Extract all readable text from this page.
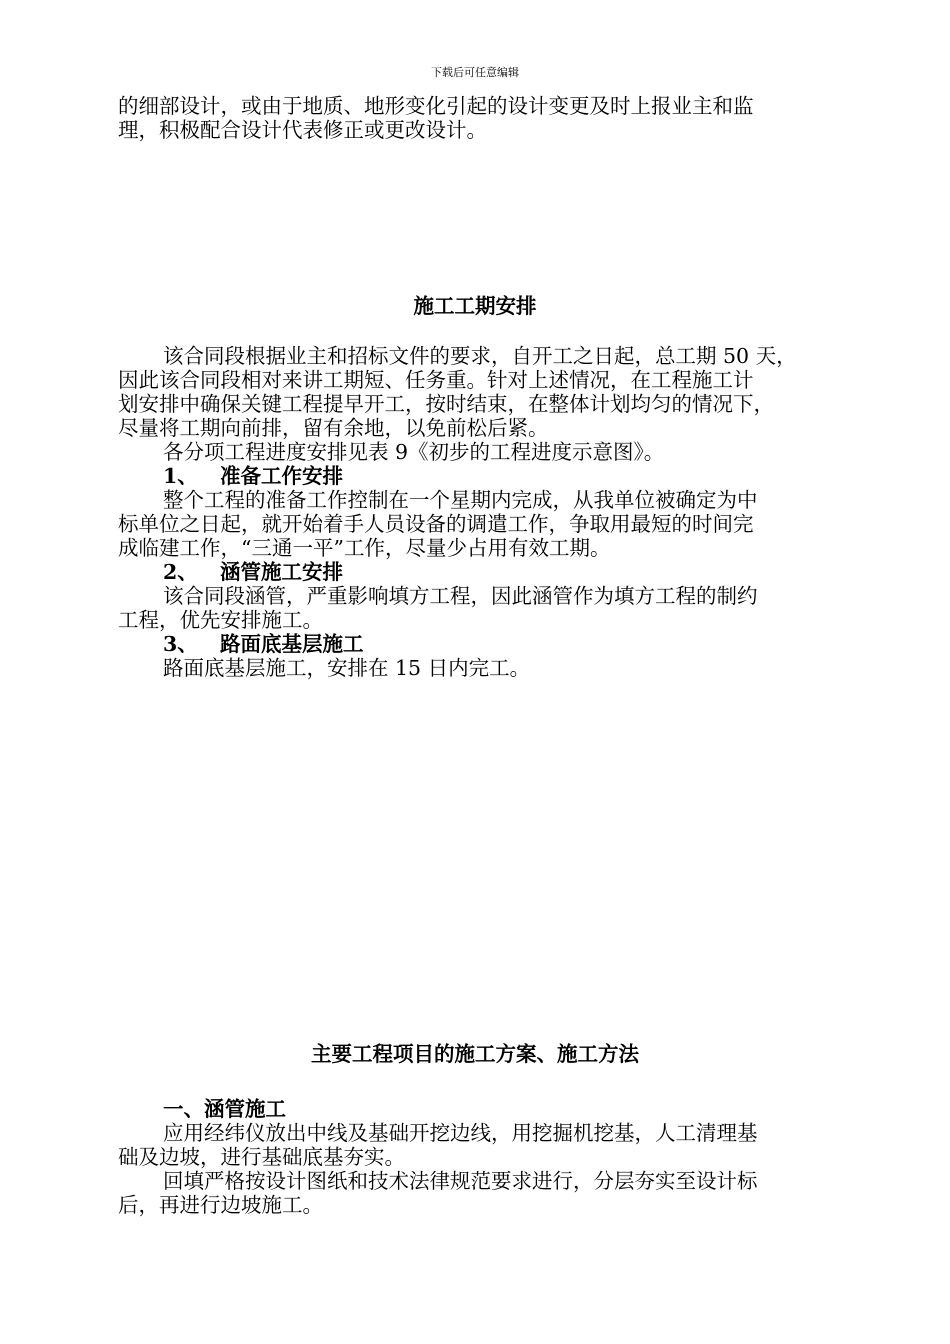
下载后可任意编辑
的细部设计，或由于地质、地形变化引起的设计变更及时上报业主和监
理，积极配合设计代表修正或更改设计。
施工工期安排
该合同段根据业主和招标文件的要求，自开工之日起，总工期 50 天，
因此该合同段相对来讲工期短、任务重。针对上述情况，在工程施工计
划安排中确保关键工程提早开工，按时结束，在整体计划均匀的情况下，
尽量将工期向前排，留有余地，以免前松后紧。
各分项工程进度安排见表 9《初步的工程进度示意图》。
1、 准备工作安排
整个工程的准备工作控制在一个星期内完成，从我单位被确定为中
标单位之日起，就开始着手人员设备的调遣工作，争取用最短的时间完
成临建工作，“三通一平”工作，尽量少占用有效工期。
2、 涵管施工安排
该合同段涵管，严重影响填方工程，因此涵管作为填方工程的制约
工程，优先安排施工。
3、 路面底基层施工
路面底基层施工，安排在 15 日内完工。
主要工程项目的施工方案、施工方法
一、涵管施工
应用经纬仪放出中线及基础开挖边线，用挖掘机挖基，人工清理基
础及边坡，进行基础底基夯实。
回填严格按设计图纸和技术法律规范要求进行，分层夯实至设计标
后，再进行边坡施工。
